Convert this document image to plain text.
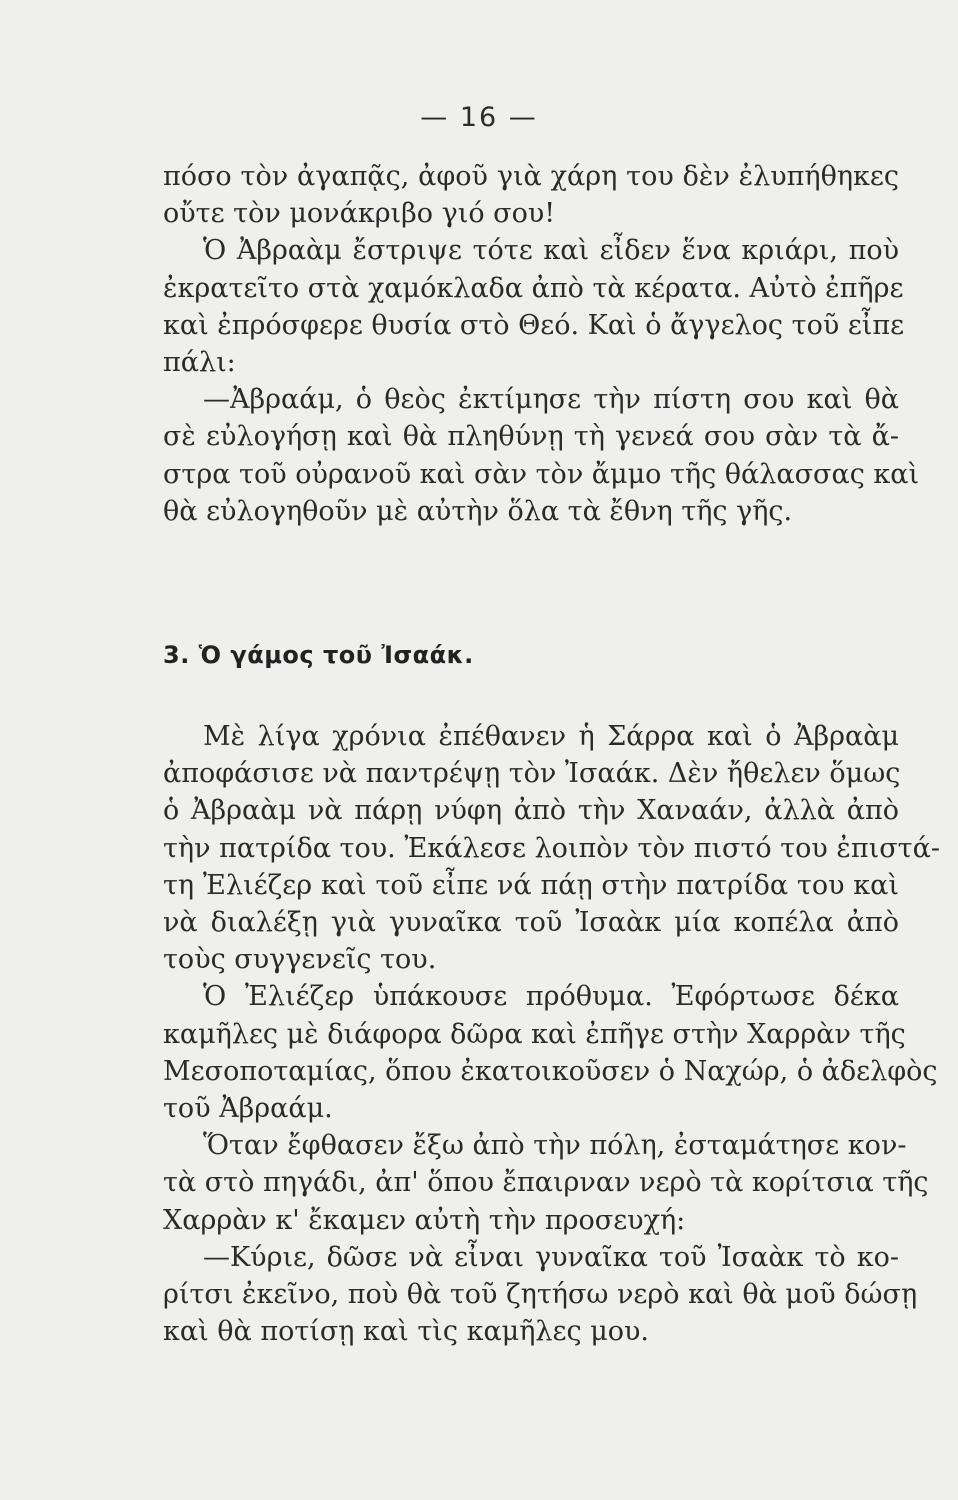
— 16 —
πόσο τὸν ἀγαπᾷς, ἀφοῦ γιὰ χάρη του δὲν ἐλυπήθηκες
οὔτε τὸν μονάκριβο γιό σου!
Ὁ Ἀβραὰμ ἔστριψε τότε καὶ εἶδεν ἕνα κριάρι, ποὺ
ἐκρατεῖτο στὰ χαμόκλαδα ἀπὸ τὰ κέρατα. Αὐτὸ ἐπῆρε
καὶ ἐπρόσφερε θυσία στὸ Θεό. Καὶ ὁ ἄγγελος τοῦ εἶπε
πάλι:
—Ἀβραάμ, ὁ θεὸς ἐκτίμησε τὴν πίστη σου καὶ θὰ
σὲ εὐλογήσῃ καὶ θὰ πληθύνῃ τὴ γενεά σου σὰν τὰ ἄ-
στρα τοῦ οὐρανοῦ καὶ σὰν τὸν ἄμμο τῆς θάλασσας καὶ
θὰ εὐλογηθοῦν μὲ αὐτὴν ὅλα τὰ ἔθνη τῆς γῆς.
3. Ὁ γάμος τοῦ Ἰσαάκ.
Μὲ λίγα χρόνια ἐπέθανεν ἡ Σάρρα καὶ ὁ Ἀβραὰμ
ἀποφάσισε νὰ παντρέψῃ τὸν Ἰσαάκ. Δὲν ἤθελεν ὅμως
ὁ Ἀβραὰμ νὰ πάρῃ νύφη ἀπὸ τὴν Χαναάν, ἀλλὰ ἀπὸ
τὴν πατρίδα του. Ἐκάλεσε λοιπὸν τὸν πιστό του ἐπιστά-
τη Ἐλιέζερ καὶ τοῦ εἶπε νά πάῃ στὴν πατρίδα του καὶ
νὰ διαλέξῃ γιὰ γυναῖκα τοῦ Ἰσαὰκ μία κοπέλα ἀπὸ
τοὺς συγγενεῖς του.
Ὁ Ἐλιέζερ ὑπάκουσε πρόθυμα. Ἐφόρτωσε δέκα
καμῆλες μὲ διάφορα δῶρα καὶ ἐπῆγε στὴν Χαρρὰν τῆς
Μεσοποταμίας, ὅπου ἐκατοικοῦσεν ὁ Ναχώρ, ὁ ἀδελφὸς
τοῦ Ἀβραάμ.
Ὅταν ἔφθασεν ἔξω ἀπὸ τὴν πόλη, ἐσταμάτησε κον-
τὰ στὸ πηγάδι, ἀπ' ὅπου ἔπαιρναν νερὸ τὰ κορίτσια τῆς
Χαρρὰν κ' ἔκαμεν αὐτὴ τὴν προσευχή:
—Κύριε, δῶσε νὰ εἶναι γυναῖκα τοῦ Ἰσαὰκ τὸ κο-
ρίτσι ἐκεῖνο, ποὺ θὰ τοῦ ζητήσω νερὸ καὶ θὰ μοῦ δώσῃ
καὶ θὰ ποτίσῃ καὶ τὶς καμῆλες μου.
